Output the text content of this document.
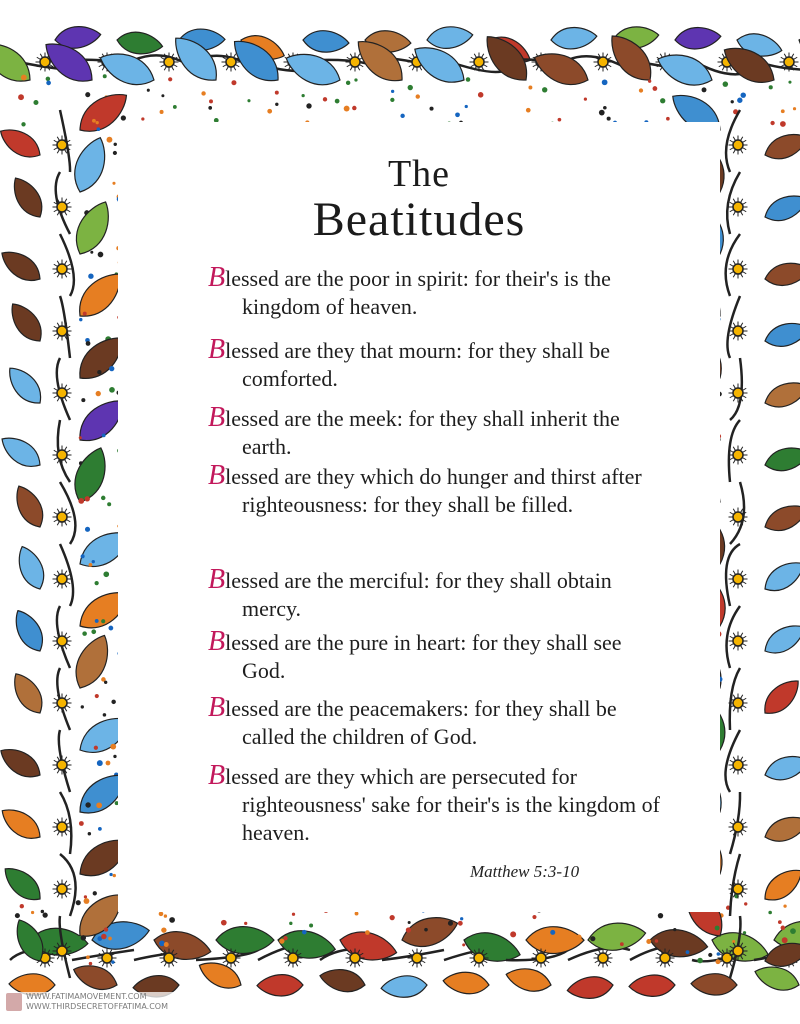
The
Beatitudes
Blessed are the poor in spirit: for their's is the kingdom of heaven.
Blessed are they that mourn: for they shall be comforted.
Blessed are the meek: for they shall inherit the earth.
Blessed are they which do hunger and thirst after righteousness: for they shall be filled.
Blessed are the merciful: for they shall obtain mercy.
Blessed are the pure in heart: for they shall see God.
Blessed are the peacemakers: for they shall be called the children of God.
Blessed are they which are persecuted for righteousness' sake for their's is the kingdom of heaven.
Matthew 5:3-10
WWW.FATIMAMOVEMENT.COM
WWW.THIRDSECRETOFFATIMA.COM
